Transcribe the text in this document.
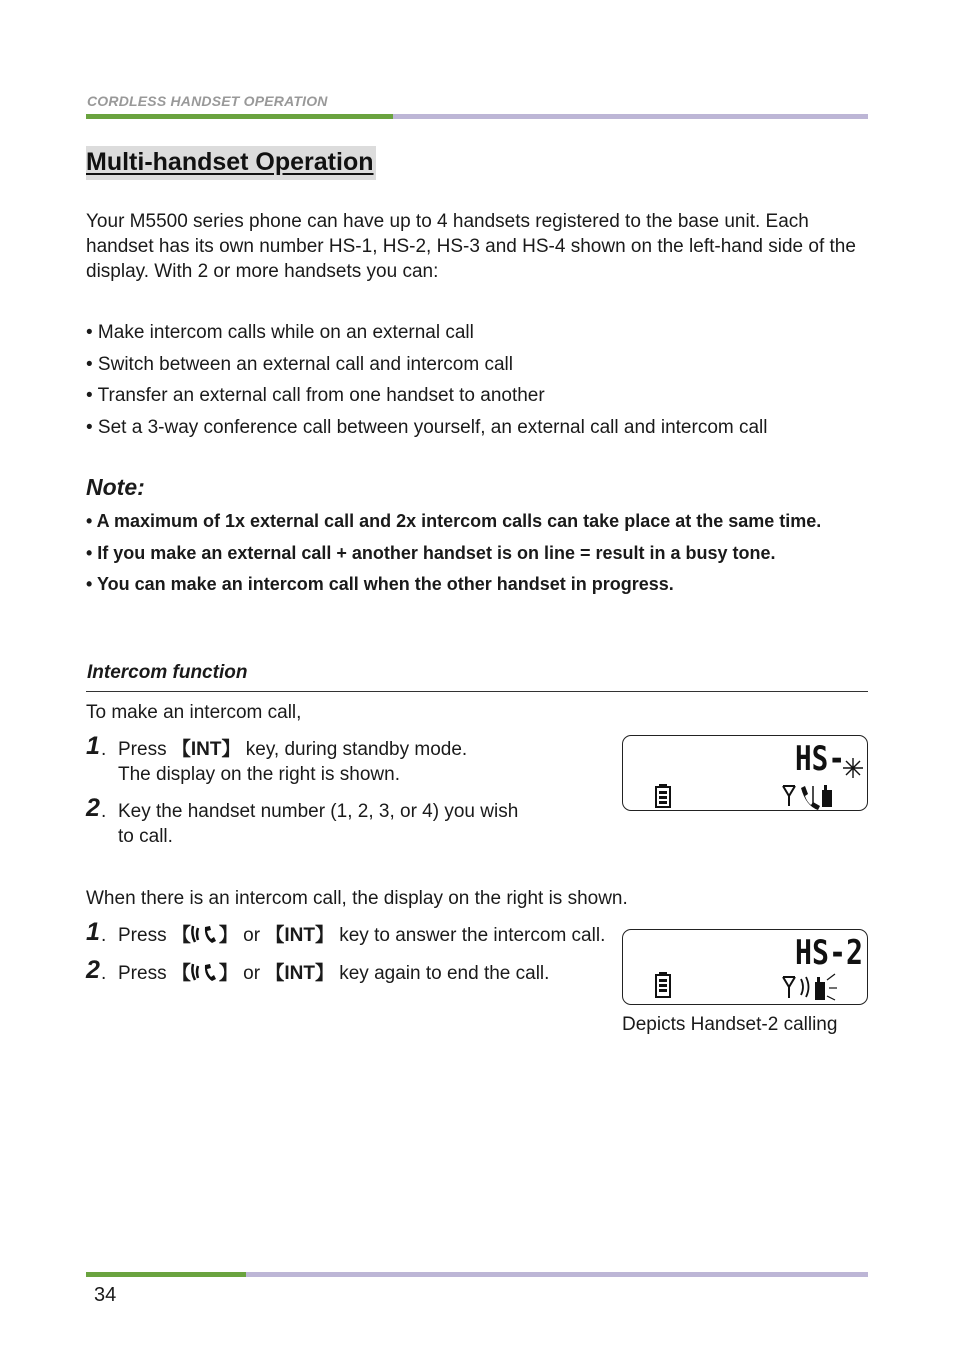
CORDLESS HANDSET OPERATION
Multi-handset Operation
Your M5500 series phone can have up to 4 handsets registered to the base unit. Each handset has its own number HS-1, HS-2, HS-3 and HS-4 shown on the left-hand side of the display. With 2 or more handsets you can:
• Make intercom calls while on an external call
• Switch between an external call and intercom call
• Transfer an external call from one handset to another
• Set a 3-way conference call between yourself, an external call and intercom call
Note:
• A maximum of 1x external call and 2x intercom calls can take place at the same time.
• If you make an external call + another handset is on line = result in a busy tone.
• You can make an intercom call when the other handset in progress.
Intercom function
To make an intercom call,
1 . Press 【INT】 key, during standby mode.
The display on the right is shown.
2 . Key the handset number (1, 2, 3, or 4) you wish
to call.
HS-
When there is an intercom call, the display on the right is shown.
1 . Press 【 】 or 【INT】 key to answer the intercom call.
2 . Press 【 】 or 【INT】 key again to end the call.
HS-2
Depicts Handset-2 calling
34
